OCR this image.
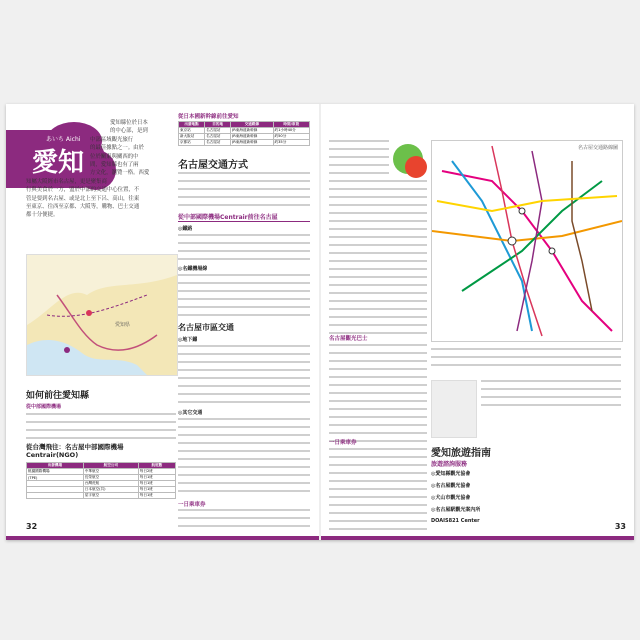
あいち Aichi
愛知
愛知縣位於日本
的中心部，是到
中部區域觀光旅行
的最佳據點之一。由於
位於關東與關西的中
間，愛知縣也有了兩
方文化，瀏覽一格。西愛
知屬大阪經市名古屋，更是聚集商
行與美食於一方，盟於中部的交通中心位置，不
管是要到名古屋、或是北上至下呂、高山，往東
至東京、往西至京都、大阪等，購物、巴士交通
都十分便捷。
愛知県
如何前往愛知縣
從中部國際機場
從台灣飛往：名古屋中部國際機場
Centrair(NGO)
出發機場	航空公司	航班數
桃園國際機場	中華航空	每日2班
(TPE)	長榮航空	每日1班
	台灣虎航	每日1班
	日本航空(共)	每日1班
	星宇航空	每日1班
32
從日本國新幹線前往愛知
出發地點	目的地	交通路線	時間/車資
東京站	名古屋站	JR東海道新幹線	約1小時40分
新大阪站	名古屋站	JR東海道新幹線	約50分
京都站	名古屋站	JR東海道新幹線	約35分
名古屋交通方式
從中部國際機場Centrair前往名古屋
◎鐵路
◎名鐵機場線
名古屋市區交通
◎地下鐵
◎其它交通
一日乘車券
名古屋觀光巴士
一日乘車券
名古屋交通路線圖
愛知旅遊指南
旅遊諮詢服務
◎愛知縣觀光協會
◎名古屋觀光協會
◎犬山市觀光協會
◎名古屋駅觀光案內所
DOAIS821 Center
33
